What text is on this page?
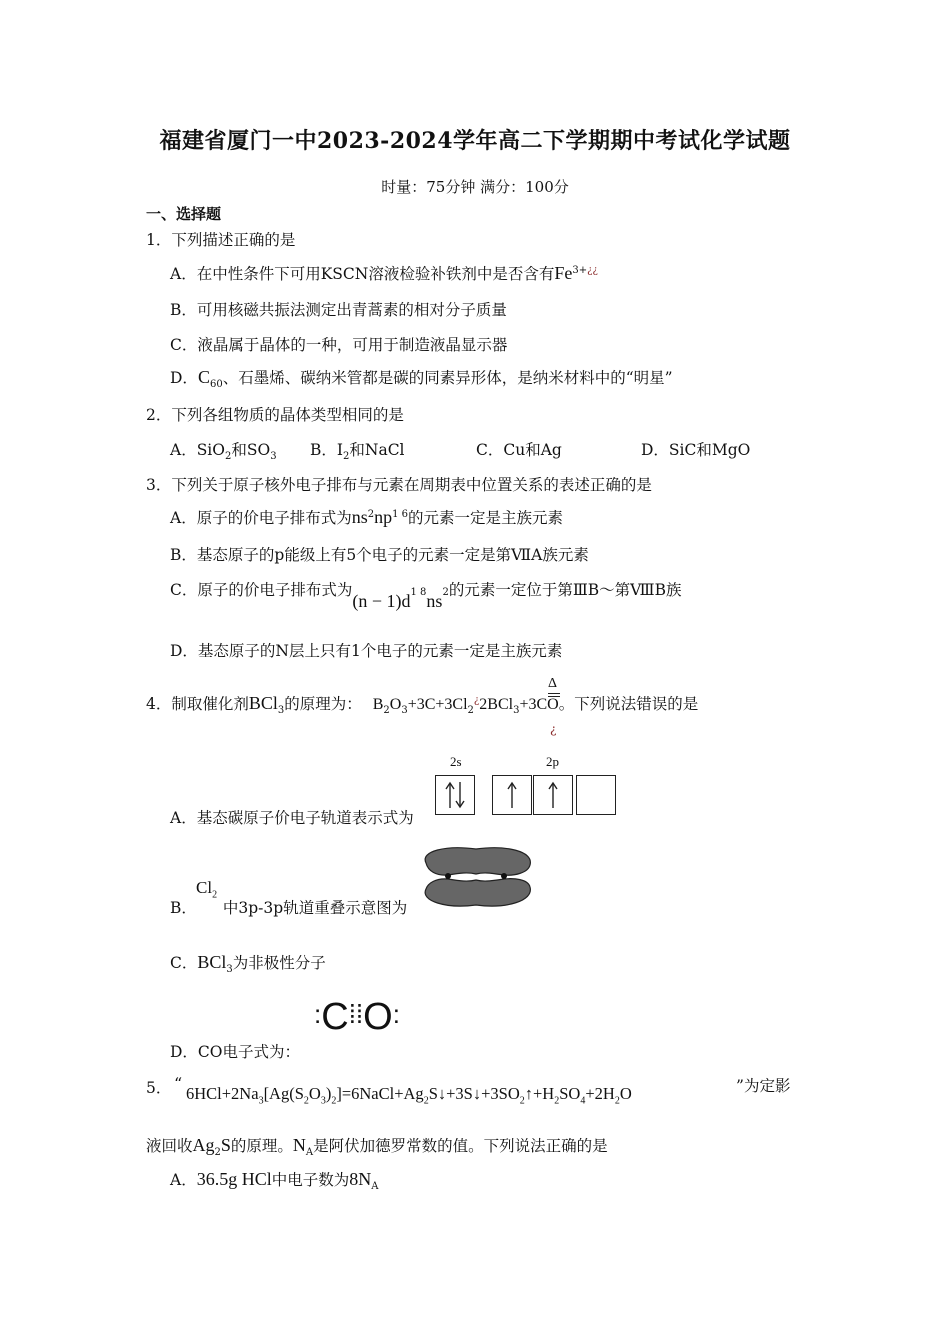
福建省厦门一中2023-2024学年高二下学期期中考试化学试题
时量：75分钟 满分：100分
一、选择题
1．下列描述正确的是
A．在中性条件下可用KSCN溶液检验补铁剂中是否含有$Fe^{3+¿¿}$
B．可用核磁共振法测定出青蒿素的相对分子质量
C．液晶属于晶体的一种，可用于制造液晶显示器
D．$C_{60}$、石墨烯、碳纳米管都是碳的同素异形体，是纳米材料中的“明星”
2．下列各组物质的晶体类型相同的是
A．SiO$_2$和$SO_3$ B．$I_2$和NaCl	C．Cu和Ag	D．SiC和MgO
3．下列关于原子核外电子排布与元素在周期表中位置关系的表述正确的是
A．原子的价电子排布式为$ns^2np^{1 6}$的元素一定是主族元素
B．基态原子的p能级上有5个电子的元素一定是第ⅦA族元素
C．原子的价电子排布式为$(n - 1)d^{1 8}ns^2$的元素一定位于第ⅢB～第ⅧB族
D．基态原子的N层上只有1个电子的元素一定是主族元素
4．制取催化剂BCl$_3$的原理为： $B_2O_3+3C+3Cl_2^¿2BCl_3+3CO$。下列说法错误的是
Δ
¿
2s	2p
A．基态碳原子价电子轨道表示式为
$Cl_2$
B． 中3p-3p轨道重叠示意图为
C．BCl$_3$为非极性分子
:C⁞⁞O:
D．CO电子式为：
5． “
$6HCl+2Na_3[Ag(S_2O_3)_2]=6NaCl+Ag_2S↓+3S↓+3SO_2↑+H_2SO_4+2H_2O$	”为定影
液回收$Ag_2S$的原理。$N_A$是阿伏加德罗常数的值。下列说法正确的是
A．36.5g HCl中电子数为$8N_A$
